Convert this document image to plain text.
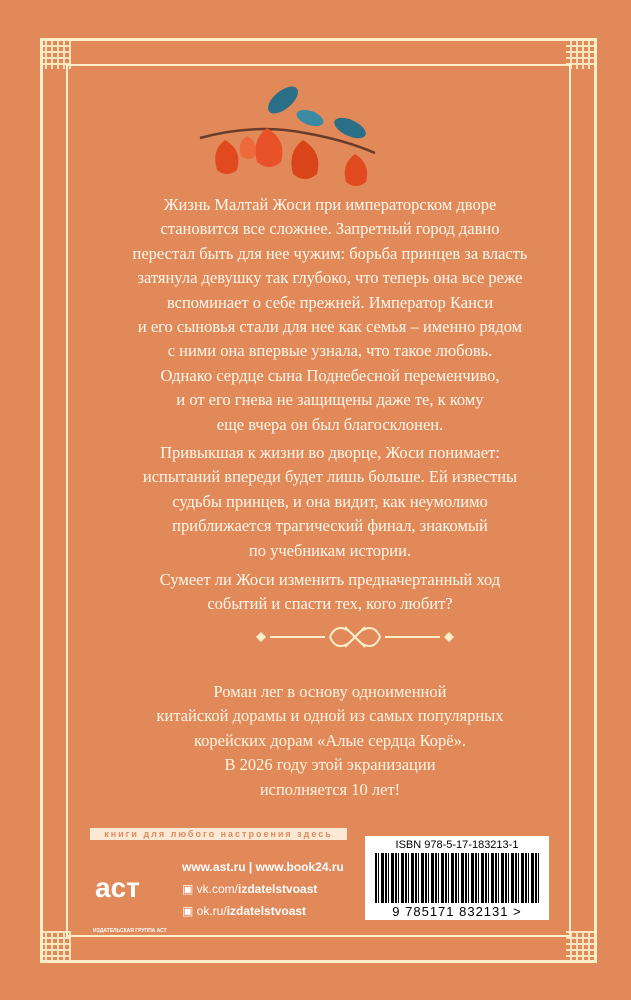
Жизнь Малтай Жоси при императорском дворе
становится все сложнее. Запретный город давно
перестал быть для нее чужим: борьба принцев за власть
затянула девушку так глубоко, что теперь она все реже
вспоминает о себе прежней. Император Канси
и его сыновья стали для нее как семья – именно рядом
с ними она впервые узнала, что такое любовь.
Однако сердце сына Поднебесной переменчиво,
и от его гнева не защищены даже те, к кому
еще вчера он был благосклонен.
Привыкшая к жизни во дворце, Жоси понимает:
испытаний впереди будет лишь больше. Ей известны
судьбы принцев, и она видит, как неумолимо
приближается трагический финал, знакомый
по учебникам истории.
Сумеет ли Жоси изменить предначертанный ход
событий и спасти тех, кого любит?
Роман лег в основу одноименной
китайской дорамы и одной из самых популярных
корейских дорам «Алые сердца Корё».
В 2026 году этой экранизации
исполняется 10 лет!
книги для любого настроения здесь
аст
ИЗДАТЕЛЬСКАЯ ГРУППА АСТ
www.ast.ru | www.book24.ru
▣ vk.com/izdatelstvoast
▣ ok.ru/izdatelstvoast
ISBN 978-5-17-183213-1
9 785171 832131 >
